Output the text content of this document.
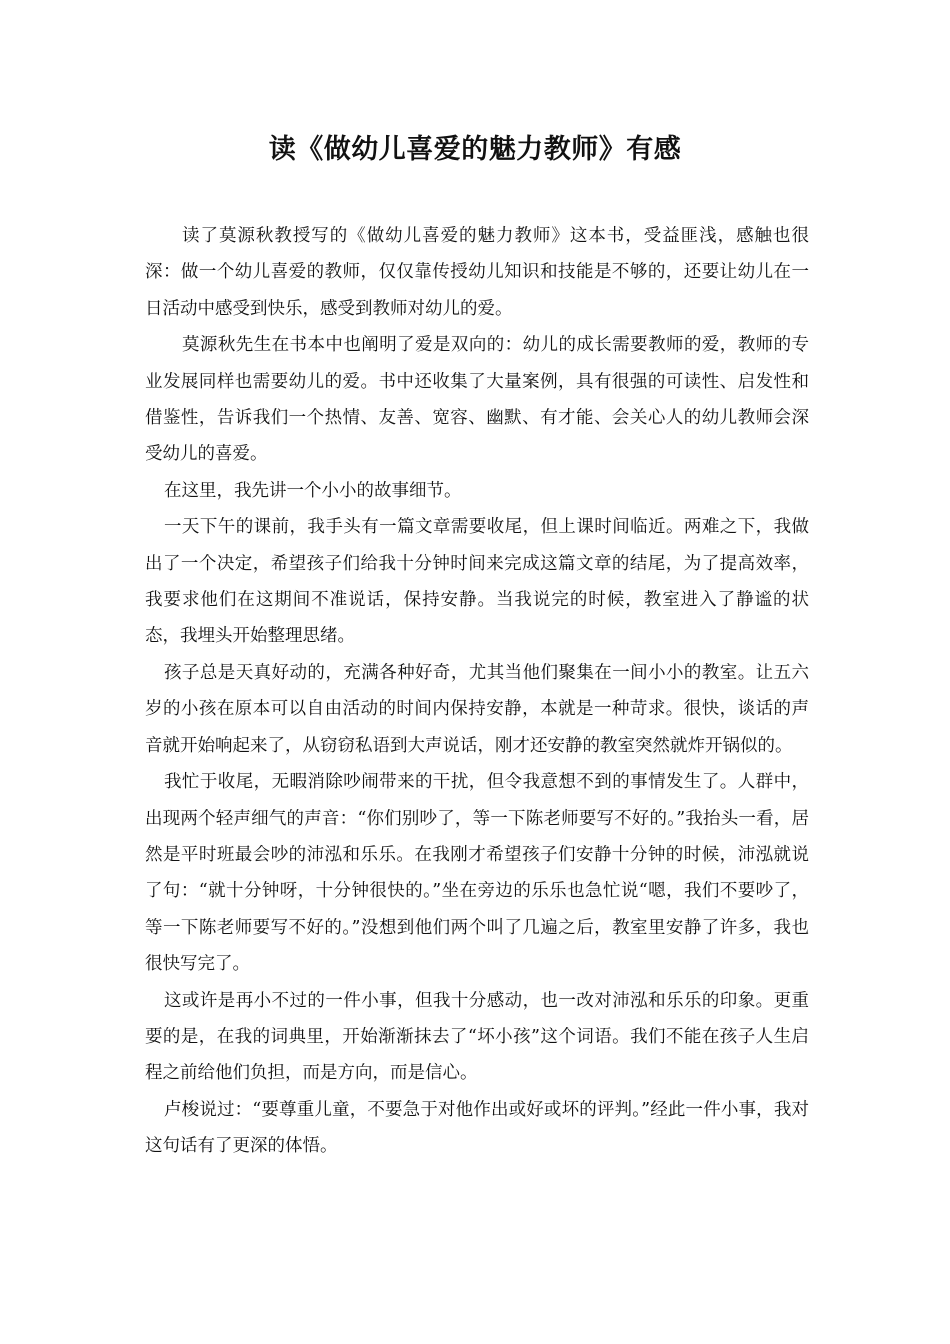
读《做幼儿喜爱的魅力教师》有感

读了莫源秋教授写的《做幼儿喜爱的魅力教师》这本书，受益匪浅，感触也很深：做一个幼儿喜爱的教师，仅仅靠传授幼儿知识和技能是不够的，还要让幼儿在一日活动中感受到快乐，感受到教师对幼儿的爱。

莫源秋先生在书本中也阐明了爱是双向的：幼儿的成长需要教师的爱，教师的专业发展同样也需要幼儿的爱。书中还收集了大量案例，具有很强的可读性、启发性和借鉴性，告诉我们一个热情、友善、宽容、幽默、有才能、会关心人的幼儿教师会深受幼儿的喜爱。

在这里，我先讲一个小小的故事细节。

一天下午的课前，我手头有一篇文章需要收尾，但上课时间临近。两难之下，我做出了一个决定，希望孩子们给我十分钟时间来完成这篇文章的结尾，为了提高效率，我要求他们在这期间不准说话，保持安静。当我说完的时候，教室进入了静谧的状态，我埋头开始整理思绪。

孩子总是天真好动的，充满各种好奇，尤其当他们聚集在一间小小的教室。让五六岁的小孩在原本可以自由活动的时间内保持安静，本就是一种苛求。很快，谈话的声音就开始响起来了，从窃窃私语到大声说话，刚才还安静的教室突然就炸开锅似的。

我忙于收尾，无暇消除吵闹带来的干扰，但令我意想不到的事情发生了。人群中，出现两个轻声细气的声音：“你们别吵了，等一下陈老师要写不好的。”我抬头一看，居然是平时班最会吵的沛泓和乐乐。在我刚才希望孩子们安静十分钟的时候，沛泓就说了句：“就十分钟呀，十分钟很快的。”坐在旁边的乐乐也急忙说“嗯，我们不要吵了，等一下陈老师要写不好的。”没想到他们两个叫了几遍之后，教室里安静了许多，我也很快写完了。

这或许是再小不过的一件小事，但我十分感动，也一改对沛泓和乐乐的印象。更重要的是，在我的词典里，开始渐渐抹去了“坏小孩”这个词语。我们不能在孩子人生启程之前给他们负担，而是方向，而是信心。

卢梭说过：“要尊重儿童，不要急于对他作出或好或坏的评判。”经此一件小事，我对这句话有了更深的体悟。
